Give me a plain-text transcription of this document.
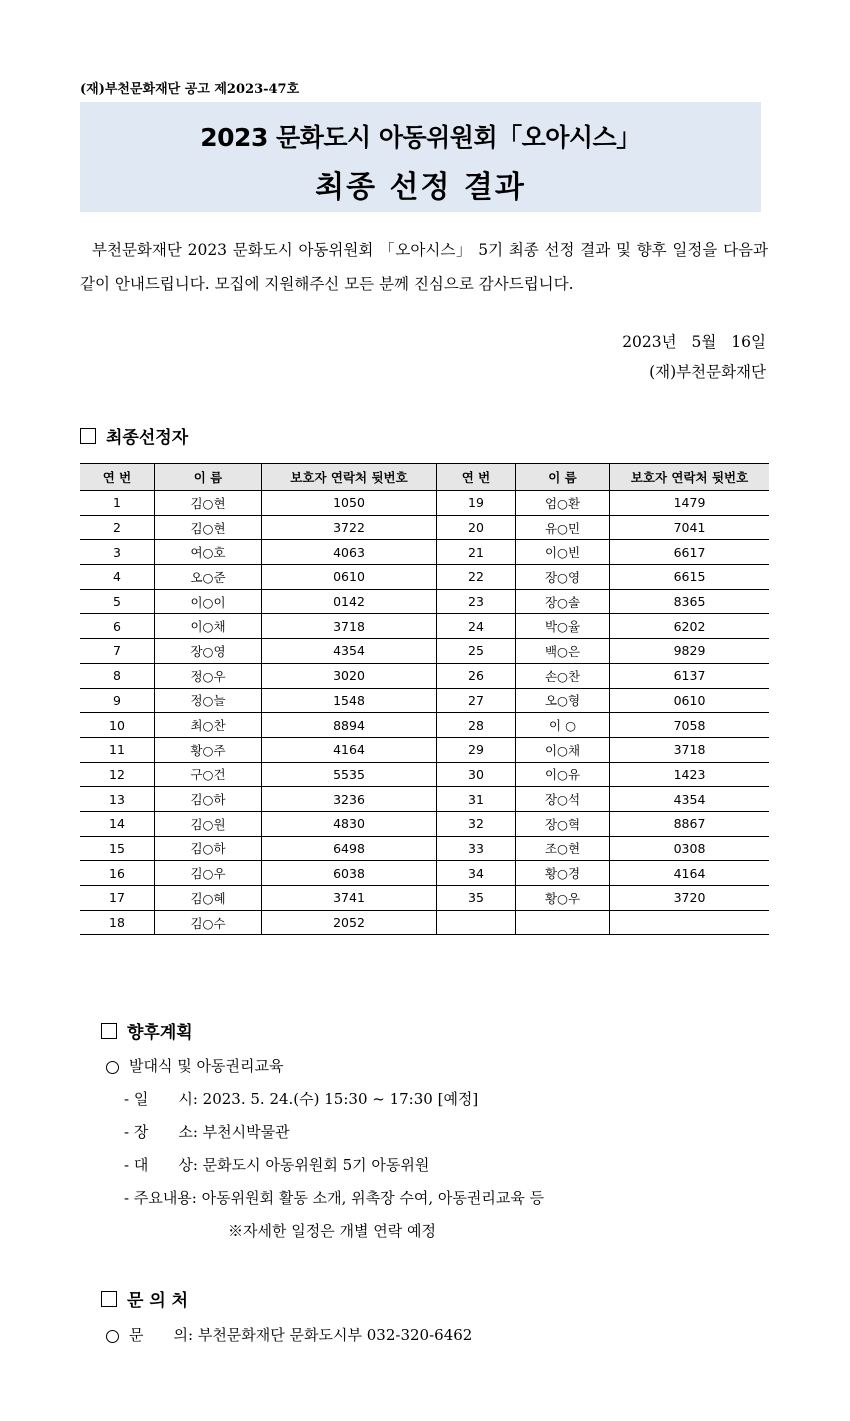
(재)부천문화재단 공고 제2023-47호
2023 문화도시 아동위원회「오아시스」
최종 선정 결과
부천문화재단 2023 문화도시 아동위원회 「오아시스」 5기 최종 선정 결과 및 향후 일정을 다음과 같이 안내드립니다. 모집에 지원해주신 모든 분께 진심으로 감사드립니다.
2023년 5월 16일
(재)부천문화재단
최종선정자
연 번	이 름	보호자 연락처 뒷번호	연 번	이 름	보호자 연락처 뒷번호
1	김○현	1050	19	엄○환	1479
2	김○현	3722	20	유○민	7041
3	여○호	4063	21	이○빈	6617
4	오○준	0610	22	장○영	6615
5	이○이	0142	23	장○솔	8365
6	이○채	3718	24	박○율	6202
7	장○영	4354	25	백○은	9829
8	정○우	3020	26	손○찬	6137
9	정○늘	1548	27	오○형	0610
10	최○찬	8894	28	이 ○	7058
11	황○주	4164	29	이○채	3718
12	구○건	5535	30	이○유	1423
13	김○하	3236	31	장○석	4354
14	김○원	4830	32	장○혁	8867
15	김○하	6498	33	조○현	0308
16	김○우	6038	34	황○경	4164
17	김○혜	3741	35	황○우	3720
18	김○수	2052			
향후계획
발대식 및 아동권리교육
- 일　　시: 2023. 5. 24.(수) 15:30 ~ 17:30 [예정]
- 장　　소: 부천시박물관
- 대　　상: 문화도시 아동위원회 5기 아동위원
- 주요내용: 아동위원회 활동 소개, 위촉장 수여, 아동권리교육 등
※자세한 일정은 개별 연락 예정
문 의 처
문　　의: 부천문화재단 문화도시부 032-320-6462
